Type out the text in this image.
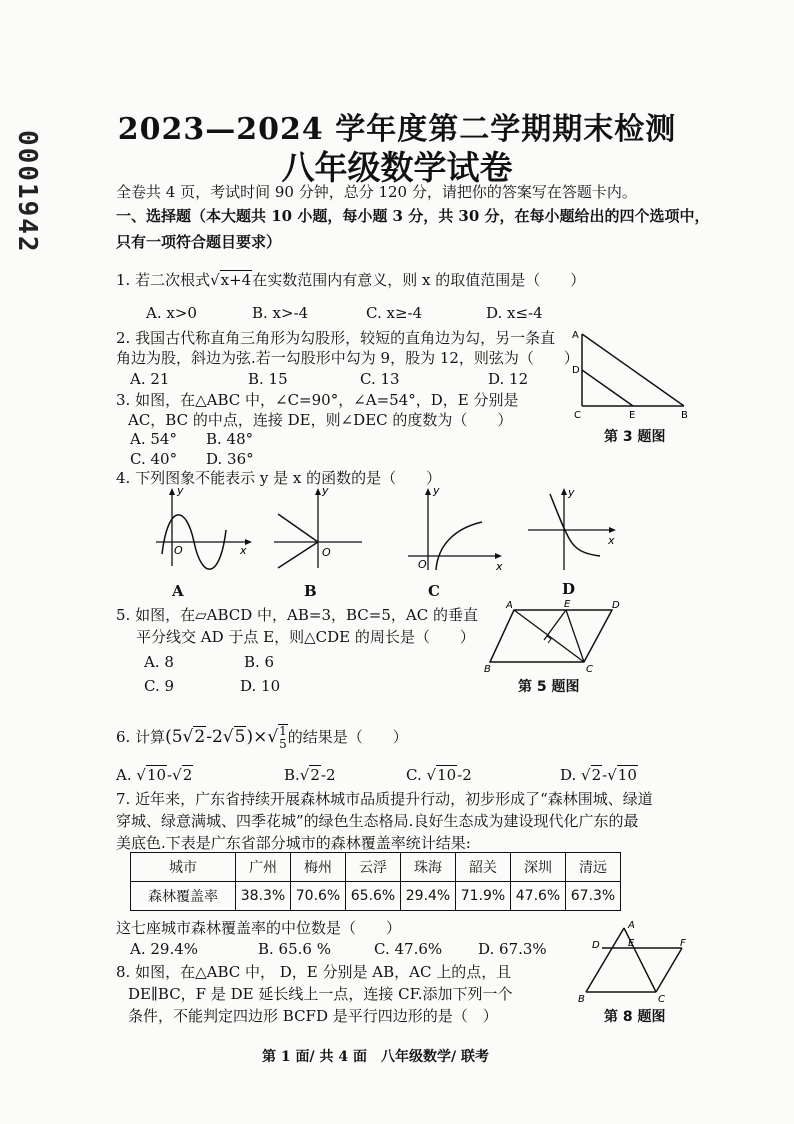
0001942
2023—2024 学年度第二学期期末检测
八年级数学试卷
全卷共 4 页，考试时间 90 分钟，总分 120 分，请把你的答案写在答题卡内。
一、选择题（本大题共 10 小题，每小题 3 分，共 30 分，在每小题给出的四个选项中，
只有一项符合题目要求）
1. 若二次根式√x+4在实数范围内有意义，则 x 的取值范围是（　　）
A. x>0	B. x>-4	C. x≥-4	D. x≤-4
2. 我国古代称直角三角形为勾股形，较短的直角边为勾，另一条直
角边为股，斜边为弦.若一勾股形中勾为 9，股为 12，则弦为（　　）
A. 21	B. 15	C. 13	D. 12
A
D
C	E	B
第 3 题图
3. 如图，在△ABC 中，∠C=90°，∠A=54°，D，E 分别是
AC，BC 的中点，连接 DE，则∠DEC 的度数为（　　）
A. 54° B. 48°
C. 40° D. 36°
4. 下列图象不能表示 y 是 x 的函数的是（　　）
y
x
O
y
O
y
x
O
y
x
A	B	C	D
5. 如图，在▱ABCD 中，AB=3，BC=5，AC 的垂直
平分线交 AD 于点 E，则△CDE 的周长是（　　）
A. 8	B. 6
C. 9	D. 10
A	E	D
B	C
第 5 题图
6. 计算(5√2-2√5)×√1
5的结果是（　　）
A. √10-√2	B.√2-2	C. √10-2	D. √2-√10
7. 近年来，广东省持续开展森林城市品质提升行动，初步形成了“森林围城、绿道
穿城、绿意满城、四季花城”的绿色生态格局.良好生态成为建设现代化广东的最
美底色.下表是广东省部分城市的森林覆盖率统计结果:
城市	广州	梅州	云浮	珠海	韶关	深圳	清远
森林覆盖率	38.3%	70.6%	65.6%	29.4%	71.9%	47.6%	67.3%
这七座城市森林覆盖率的中位数是（　　）
A. 29.4%	B. 65.6 %	C. 47.6% D. 67.3%
8. 如图，在△ABC 中， D，E 分别是 AB，AC 上的点，且
DE∥BC，F 是 DE 延长线上一点，连接 CF.添加下列一个
条件，不能判定四边形 BCFD 是平行四边形的是（　）
A
D	E	F
B	C
第 8 题图
第 1 面/ 共 4 面　八年级数学/ 联考
